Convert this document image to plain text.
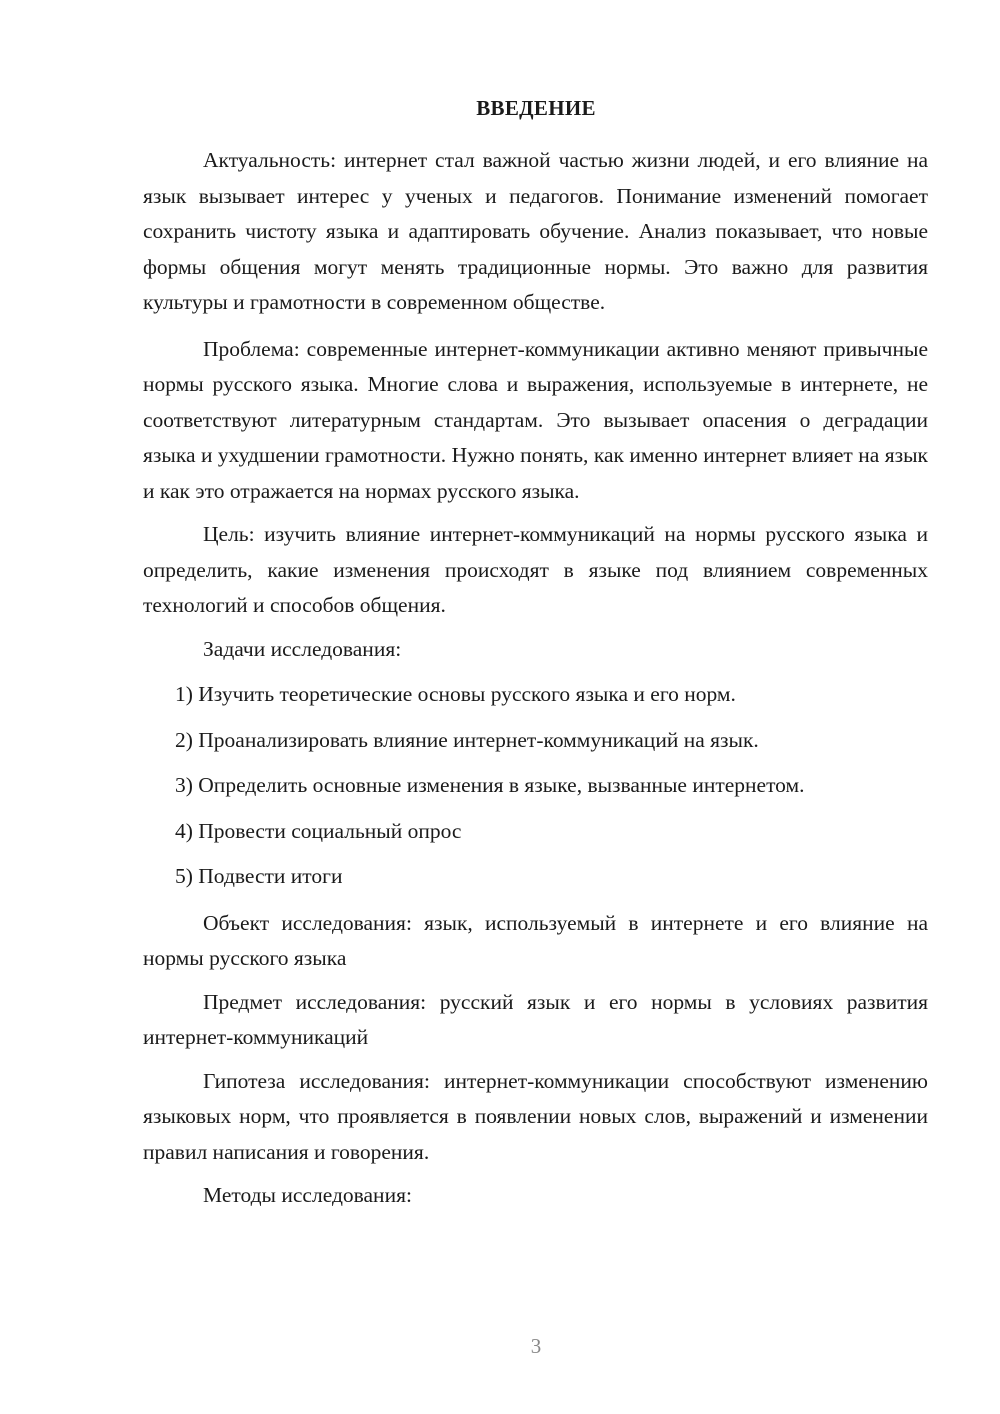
ВВЕДЕНИЕ

Актуальность: интернет стал важной частью жизни людей, и его влияние на язык вызывает интерес у ученых и педагогов. Понимание изменений помогает сохранить чистоту языка и адаптировать обучение. Анализ показывает, что новые формы общения могут менять традиционные нормы. Это важно для развития культуры и грамотности в современном обществе.

Проблема: современные интернет-коммуникации активно меняют привычные нормы русского языка. Многие слова и выражения, используемые в интернете, не соответствуют литературным стандартам. Это вызывает опасения о деградации языка и ухудшении грамотности. Нужно понять, как именно интернет влияет на язык и как это отражается на нормах русского языка.

Цель: изучить влияние интернет-коммуникаций на нормы русского языка и определить, какие изменения происходят в языке под влиянием современных технологий и способов общения.

Задачи исследования:

1) Изучить теоретические основы русского языка и его норм.

2) Проанализировать влияние интернет-коммуникаций на язык.

3) Определить основные изменения в языке, вызванные интернетом.

4) Провести социальный опрос

5) Подвести итоги

Объект исследования: язык, используемый в интернете и его влияние на нормы русского языка

Предмет исследования: русский язык и его нормы в условиях развития интернет-коммуникаций

Гипотеза исследования: интернет-коммуникации способствуют изменению языковых норм, что проявляется в появлении новых слов, выражений и изменении правил написания и говорения.

Методы исследования:

3
